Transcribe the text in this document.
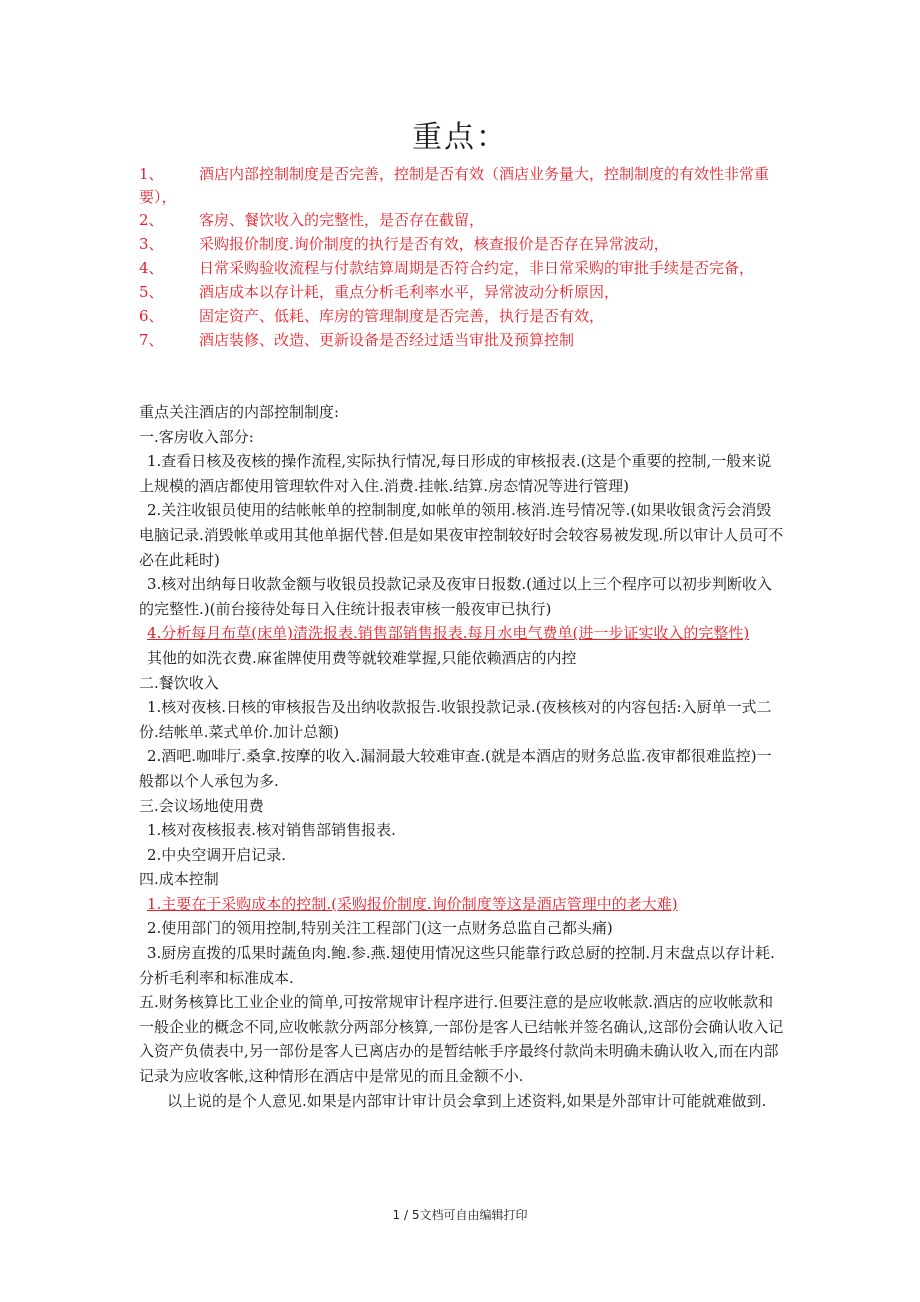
重点：
1、	酒店内部控制制度是否完善，控制是否有效（酒店业务量大，控制制度的有效性非常重要），
2、	客房、餐饮收入的完整性，是否存在截留，
3、	采购报价制度.询价制度的执行是否有效，核查报价是否存在异常波动，
4、	日常采购验收流程与付款结算周期是否符合约定，非日常采购的审批手续是否完备，
5、	酒店成本以存计耗，重点分析毛利率水平，异常波动分析原因，
6、	固定资产、低耗、库房的管理制度是否完善，执行是否有效，
7、	酒店装修、改造、更新设备是否经过适当审批及预算控制

重点关注酒店的内部控制制度:

一.客房收入部分:

1.查看日核及夜核的操作流程,实际执行情况,每日形成的审核报表.(这是个重要的控制,一般来说上规模的酒店都使用管理软件对入住.消费.挂帐.结算.房态情况等进行管理)

2.关注收银员使用的结帐帐单的控制制度,如帐单的领用.核消.连号情况等.(如果收银贪污会消毁电脑记录.消毁帐单或用其他单据代替.但是如果夜审控制较好时会较容易被发现.所以审计人员可不必在此耗时)

3.核对出纳每日收款金额与收银员投款记录及夜审日报数.(通过以上三个程序可以初步判断收入的完整性.)(前台接待处每日入住统计报表审核一般夜审已执行)

4.分析每月布草(床单)清洗报表.销售部销售报表.每月水电气费单(进一步证实收入的完整性)

其他的如洗衣费.麻雀牌使用费等就较难掌握,只能依赖酒店的内控

二.餐饮收入

1.核对夜核.日核的审核报告及出纳收款报告.收银投款记录.(夜核核对的内容包括:入厨单一式二份.结帐单.菜式单价.加计总额)

2.酒吧.咖啡厅.桑拿.按摩的收入.漏洞最大较难审查.(就是本酒店的财务总监.夜审都很难监控)一般都以个人承包为多.

三.会议场地使用费

1.核对夜核报表.核对销售部销售报表.

2.中央空调开启记录.

四.成本控制

1.主要在于采购成本的控制.(采购报价制度.询价制度等这是酒店管理中的老大难)

2.使用部门的领用控制,特别关注工程部门(这一点财务总监自己都头痛)

3.厨房直拨的瓜果时蔬鱼肉.鲍.参.燕.翅使用情况这些只能靠行政总厨的控制.月末盘点以存计耗.分析毛利率和标准成本.

五.财务核算比工业企业的简单,可按常规审计程序进行.但要注意的是应收帐款.酒店的应收帐款和一般企业的概念不同,应收帐款分两部分核算,一部份是客人已结帐并签名确认,这部份会确认收入记入资产负债表中,另一部份是客人已离店办的是暂结帐手序最终付款尚未明确未确认收入,而在内部记录为应收客帐,这种情形在酒店中是常见的而且金额不小.

以上说的是个人意见.如果是内部审计审计员会拿到上述资料,如果是外部审计可能就难做到.

1 / 5文档可自由编辑打印
